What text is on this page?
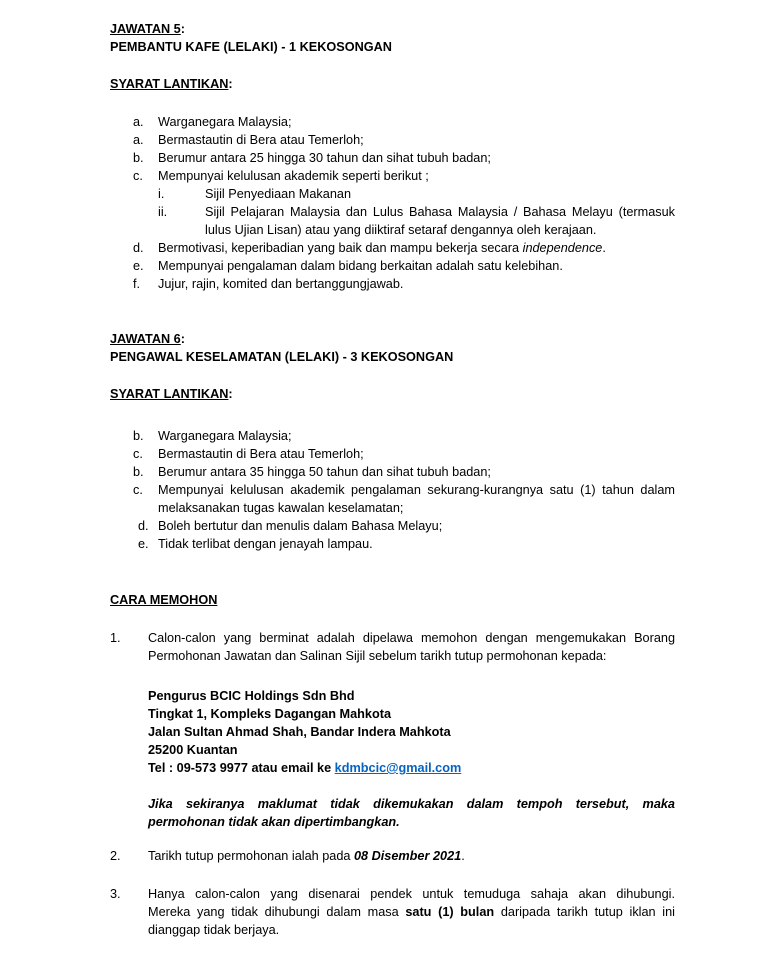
JAWATAN 5:
PEMBANTU KAFE (LELAKI) - 1 KEKOSONGAN
SYARAT LANTIKAN:
a. Warganegara Malaysia;
a. Bermastautin di Bera atau Temerloh;
b. Berumur antara 25 hingga 30 tahun dan sihat tubuh badan;
c. Mempunyai kelulusan akademik seperti berikut ;
i.	Sijil Penyediaan Makanan
ii.	Sijil Pelajaran Malaysia dan Lulus Bahasa Malaysia / Bahasa Melayu (termasuk
lulus Ujian Lisan) atau yang diiktiraf setaraf dengannya oleh kerajaan.
d. Bermotivasi, keperibadian yang baik dan mampu bekerja secara independence.
e. Mempunyai pengalaman dalam bidang berkaitan adalah satu kelebihan.
f. Jujur, rajin, komited dan bertanggungjawab.
JAWATAN 6:
PENGAWAL KESELAMATAN (LELAKI) - 3 KEKOSONGAN
SYARAT LANTIKAN:
b. Warganegara Malaysia;
c. Bermastautin di Bera atau Temerloh;
b. Berumur antara 35 hingga 50 tahun dan sihat tubuh badan;
c. Mempunyai kelulusan akademik pengalaman sekurang-kurangnya satu (1) tahun dalam
melaksanakan tugas kawalan keselamatan;
d. Boleh bertutur dan menulis dalam Bahasa Melayu;
e. Tidak terlibat dengan jenayah lampau.
CARA MEMOHON
1. Calon-calon yang berminat adalah dipelawa memohon dengan mengemukakan Borang
Permohonan Jawatan dan Salinan Sijil sebelum tarikh tutup permohonan kepada:
Pengurus BCIC Holdings Sdn Bhd
Tingkat 1, Kompleks Dagangan Mahkota
Jalan Sultan Ahmad Shah, Bandar Indera Mahkota
25200 Kuantan
Tel : 09-573 9977 atau email ke kdmbcic@gmail.com
Jika sekiranya maklumat tidak dikemukakan dalam tempoh tersebut, maka
permohonan tidak akan dipertimbangkan.
2. Tarikh tutup permohonan ialah pada 08 Disember 2021.
3. Hanya calon-calon yang disenarai pendek untuk temuduga sahaja akan dihubungi.
Mereka yang tidak dihubungi dalam masa satu (1) bulan daripada tarikh tutup iklan ini
dianggap tidak berjaya.
